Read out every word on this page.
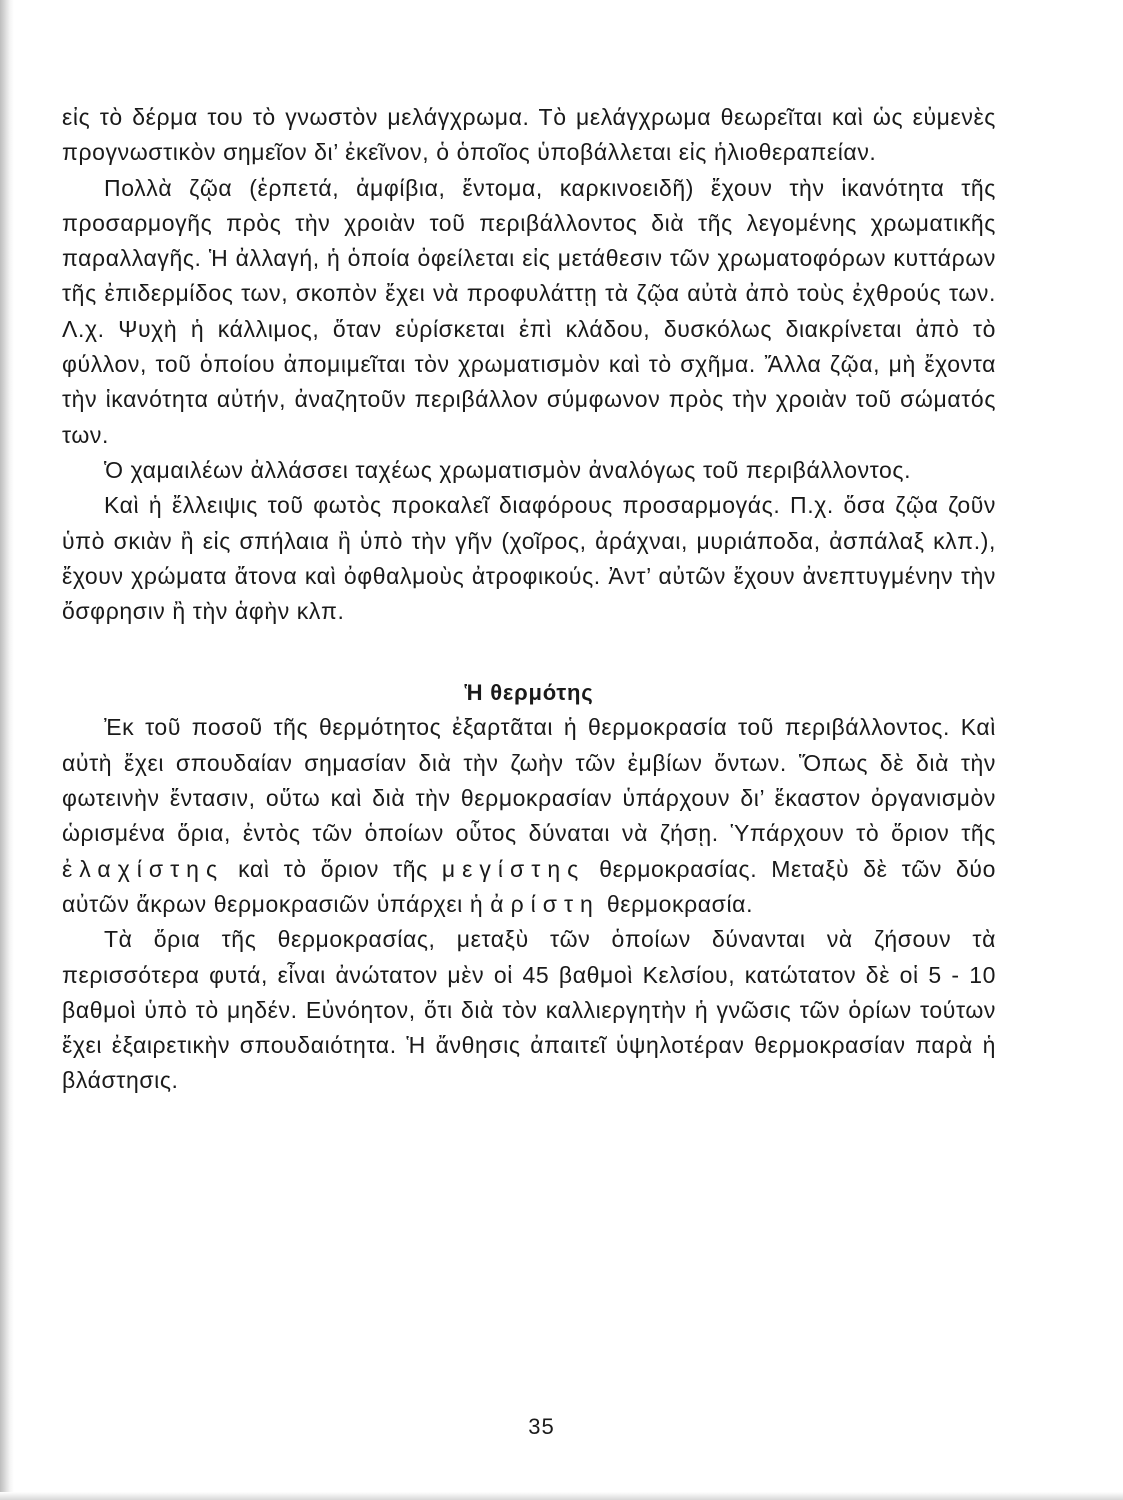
εἰς τὸ δέρμα του τὸ γνωστὸν μελάγχρωμα. Τὸ μελάγχρωμα θεωρεῖται καὶ ὡς εὐμενὲς προγνωστικὸν σημεῖον δι’ ἐκεῖνον, ὁ ὁποῖος ὑποβάλλεται εἰς ἡλιοθεραπείαν.

Πολλὰ ζῷα (ἑρπετά, ἀμφίβια, ἔντομα, καρκινοειδῆ) ἔχουν τὴν ἱκανότητα τῆς προσαρμογῆς πρὸς τὴν χροιὰν τοῦ περιβάλλοντος διὰ τῆς λεγομένης χρωματικῆς παραλλαγῆς. Ἡ ἀλλαγή, ἡ ὁποία ὀφείλεται εἰς μετάθεσιν τῶν χρωματοφόρων κυττάρων τῆς ἐπιδερμίδος των, σκοπὸν ἔχει νὰ προφυλάττῃ τὰ ζῷα αὐτὰ ἀπὸ τοὺς ἐχθρούς των. Λ.χ. Ψυχὴ ἡ κάλλιμος, ὅταν εὑρίσκεται ἐπὶ κλάδου, δυσκόλως διακρίνεται ἀπὸ τὸ φύλλον, τοῦ ὁποίου ἀπομιμεῖται τὸν χρωματισμὸν καὶ τὸ σχῆμα. Ἄλλα ζῷα, μὴ ἔχοντα τὴν ἱκανότητα αὐτήν, ἀναζητοῦν περιβάλλον σύμφωνον πρὸς τὴν χροιὰν τοῦ σώματός των.

Ὁ χαμαιλέων ἀλλάσσει ταχέως χρωματισμὸν ἀναλόγως τοῦ περιβάλλοντος.

Καὶ ἡ ἔλλειψις τοῦ φωτὸς προκαλεῖ διαφόρους προσαρμογάς. Π.χ. ὅσα ζῷα ζοῦν ὑπὸ σκιὰν ἢ εἰς σπήλαια ἢ ὑπὸ τὴν γῆν (χοῖρος, ἀράχναι, μυριάποδα, ἀσπάλαξ κλπ.), ἔχουν χρώματα ἄτονα καὶ ὀφθαλμοὺς ἀτροφικούς. Ἀντ’ αὐτῶν ἔχουν ἀνεπτυγμένην τὴν ὄσφρησιν ἢ τὴν ἁφὴν κλπ.

Ἡ θερμότης

Ἐκ τοῦ ποσοῦ τῆς θερμότητος ἐξαρτᾶται ἡ θερμοκρασία τοῦ περιβάλλοντος. Καὶ αὐτὴ ἔχει σπουδαίαν σημασίαν διὰ τὴν ζωὴν τῶν ἐμβίων ὄντων. Ὅπως δὲ διὰ τὴν φωτεινὴν ἔντασιν, οὕτω καὶ διὰ τὴν θερμοκρασίαν ὑπάρχουν δι’ ἕκαστον ὀργανισμὸν ὡρισμένα ὅρια, ἐντὸς τῶν ὁποίων οὗτος δύναται νὰ ζήσῃ. Ὑπάρχουν τὸ ὅριον τῆς ἐλαχίστης καὶ τὸ ὅριον τῆς μεγίστης θερμοκρασίας. Μεταξὺ δὲ τῶν δύο αὐτῶν ἄκρων θερμοκρασιῶν ὑπάρχει ἡ ἀρίστη θερμοκρασία.

Τὰ ὅρια τῆς θερμοκρασίας, μεταξὺ τῶν ὁποίων δύνανται νὰ ζήσουν τὰ περισσότερα φυτά, εἶναι ἀνώτατον μὲν οἱ 45 βαθμοὶ Κελσίου, κατώτατον δὲ οἱ 5 - 10 βαθμοὶ ὑπὸ τὸ μηδέν. Εὐνόητον, ὅτι διὰ τὸν καλλιεργητὴν ἡ γνῶσις τῶν ὁρίων τούτων ἔχει ἐξαιρετικὴν σπουδαιότητα. Ἡ ἄνθησις ἀπαιτεῖ ὑψηλοτέραν θερμοκρασίαν παρὰ ἡ βλάστησις.

35
